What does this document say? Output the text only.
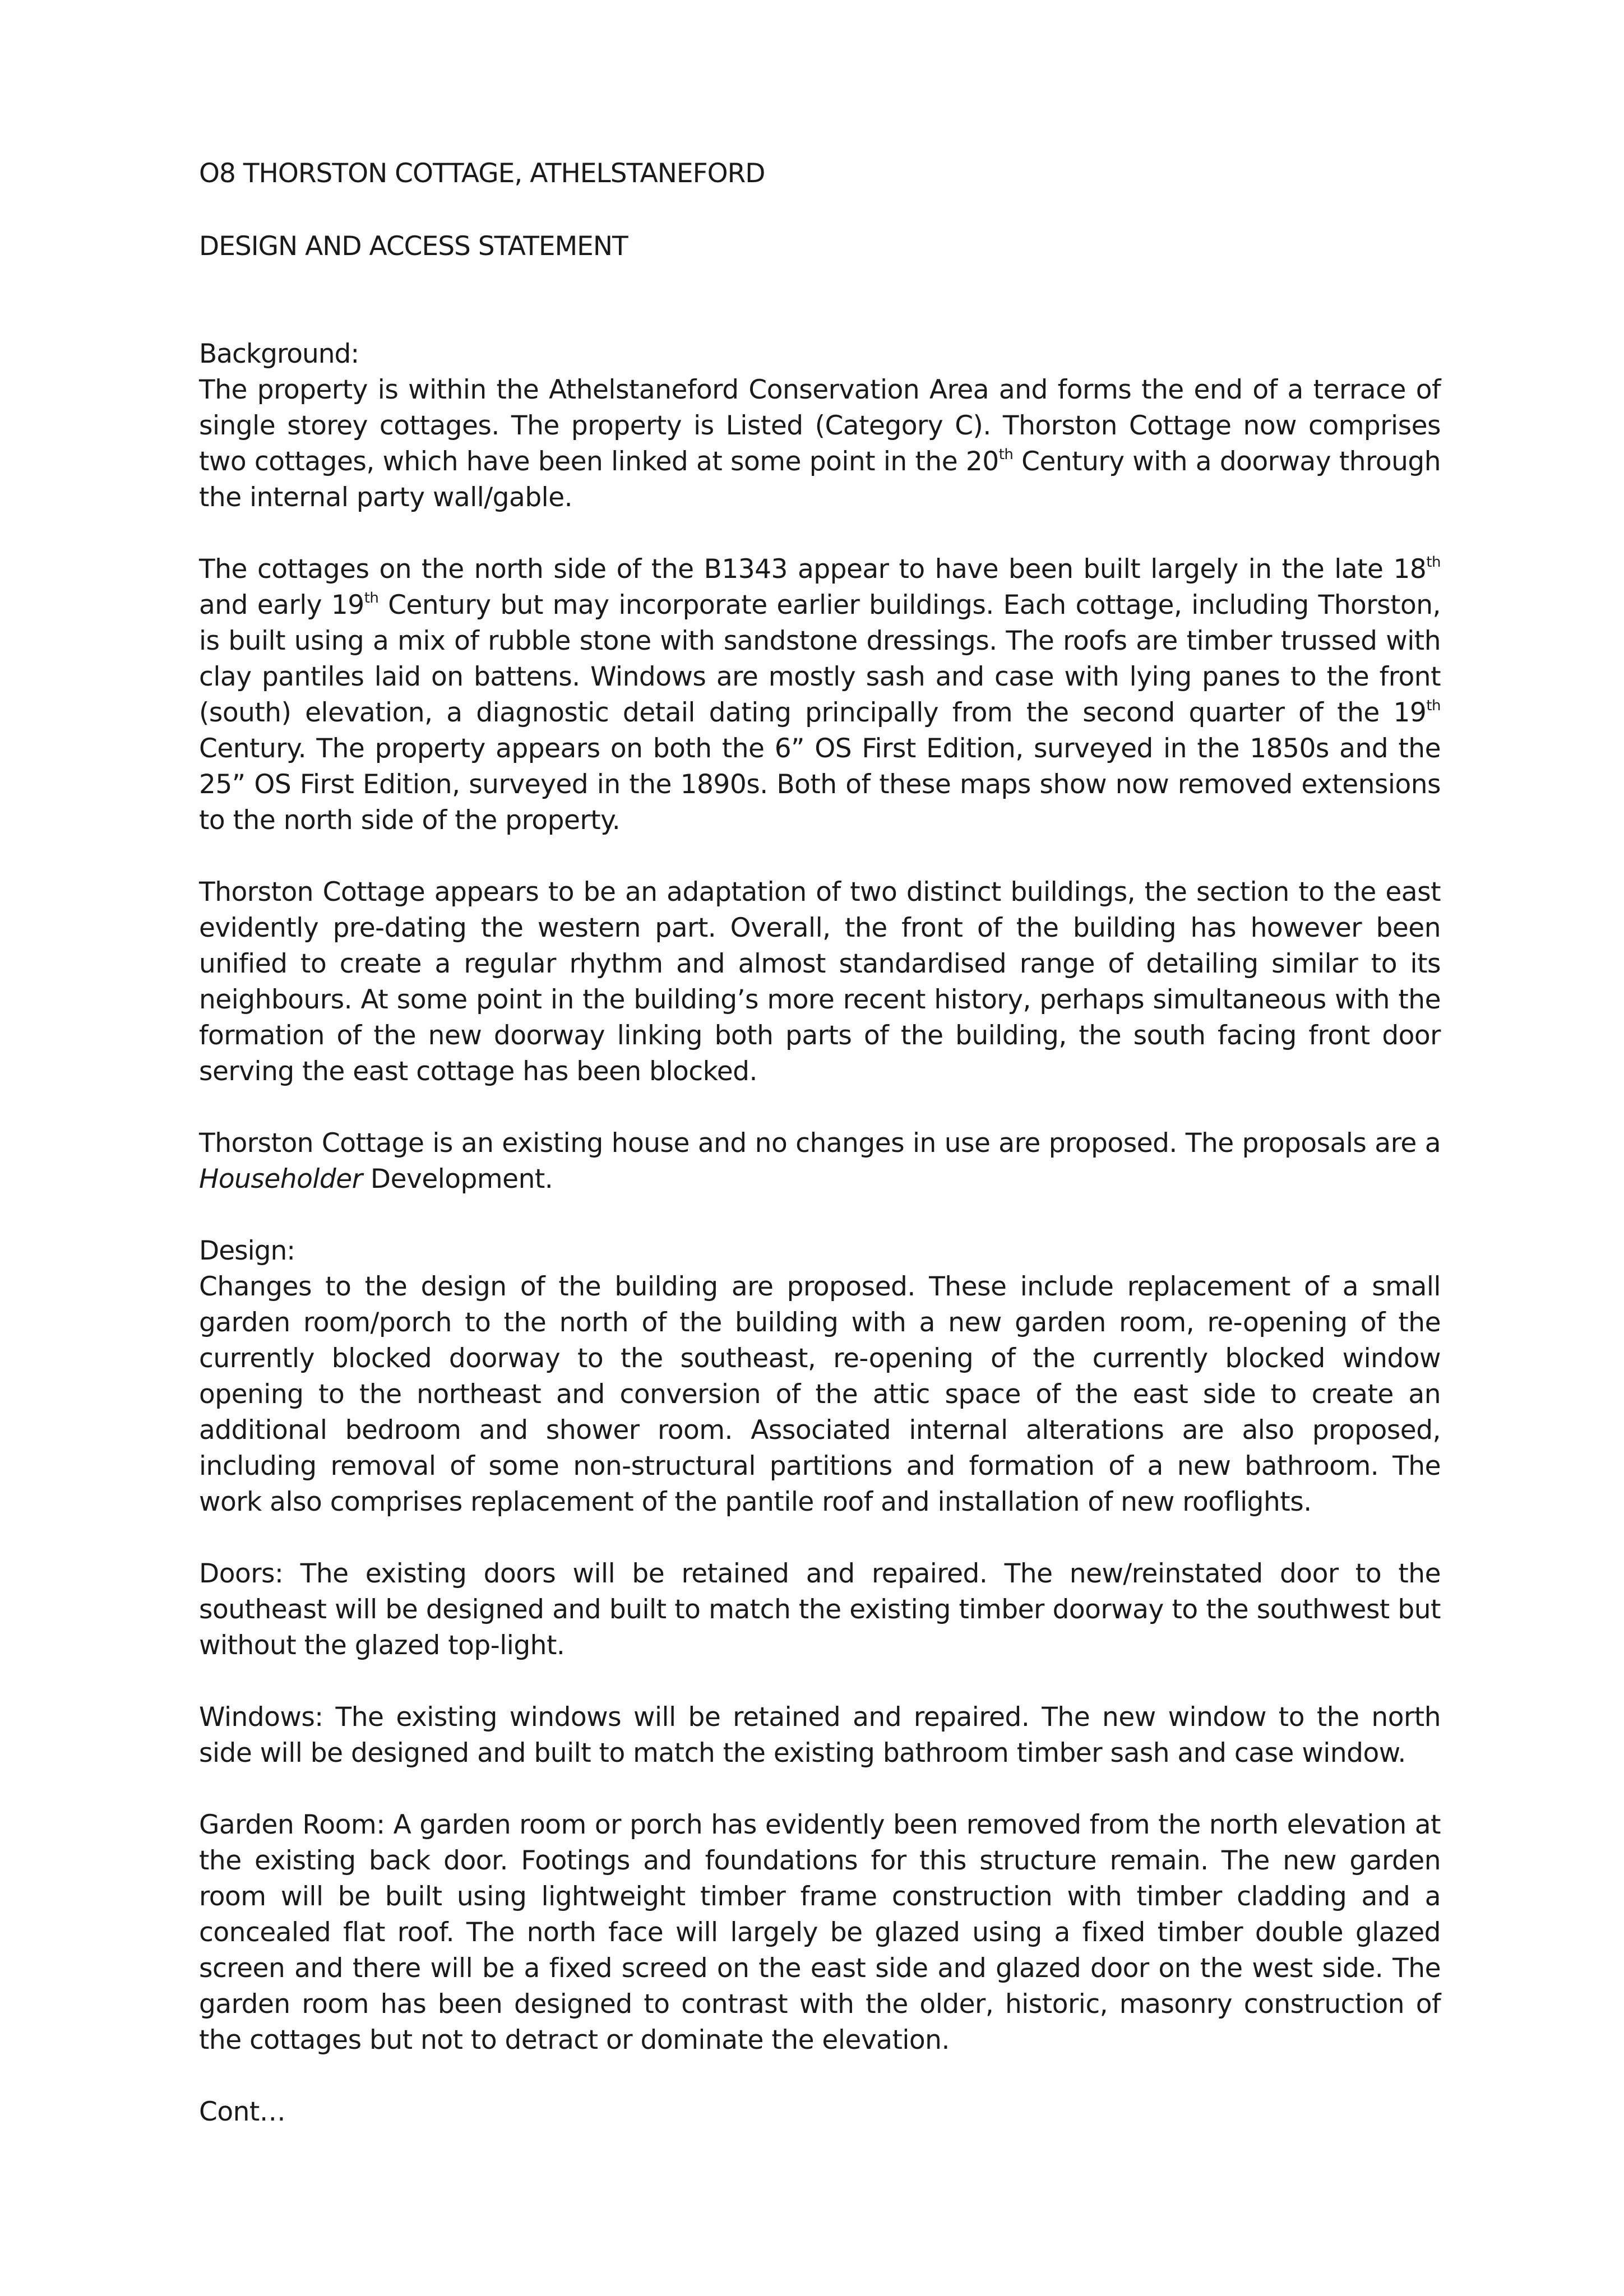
O8 THORSTON COTTAGE, ATHELSTANEFORD
DESIGN AND ACCESS STATEMENT
Background:

The property is within the Athelstaneford Conservation Area and forms the end of a terrace of single storey cottages. The property is Listed (Category C). Thorston Cottage now comprises two cottages, which have been linked at some point in the 20th Century with a doorway through the internal party wall/gable.

The cottages on the north side of the B1343 appear to have been built largely in the late 18th and early 19th Century but may incorporate earlier buildings. Each cottage, including Thorston, is built using a mix of rubble stone with sandstone dressings. The roofs are timber trussed with clay pantiles laid on battens. Windows are mostly sash and case with lying panes to the front (south) elevation, a diagnostic detail dating principally from the second quarter of the 19th Century. The property appears on both the 6” OS First Edition, surveyed in the 1850s and the 25” OS First Edition, surveyed in the 1890s. Both of these maps show now removed extensions to the north side of the property.

Thorston Cottage appears to be an adaptation of two distinct buildings, the section to the east evidently pre-dating the western part. Overall, the front of the building has however been unified to create a regular rhythm and almost standardised range of detailing similar to its neighbours. At some point in the building’s more recent history, perhaps simultaneous with the formation of the new doorway linking both parts of the building, the south facing front door serving the east cottage has been blocked.

Thorston Cottage is an existing house and no changes in use are proposed. The proposals are a Householder Development.

Design:

Changes to the design of the building are proposed. These include replacement of a small garden room/porch to the north of the building with a new garden room, re-opening of the currently blocked doorway to the southeast, re-opening of the currently blocked window opening to the northeast and conversion of the attic space of the east side to create an additional bedroom and shower room. Associated internal alterations are also proposed, including removal of some non-structural partitions and formation of a new bathroom. The work also comprises replacement of the pantile roof and installation of new rooflights.

Doors: The existing doors will be retained and repaired. The new/reinstated door to the southeast will be designed and built to match the existing timber doorway to the southwest but without the glazed top-light.

Windows: The existing windows will be retained and repaired. The new window to the north side will be designed and built to match the existing bathroom timber sash and case window.

Garden Room: A garden room or porch has evidently been removed from the north elevation at the existing back door. Footings and foundations for this structure remain. The new garden room will be built using lightweight timber frame construction with timber cladding and a concealed flat roof. The north face will largely be glazed using a fixed timber double glazed screen and there will be a fixed screed on the east side and glazed door on the west side. The garden room has been designed to contrast with the older, historic, masonry construction of the cottages but not to detract or dominate the elevation.

Cont…
